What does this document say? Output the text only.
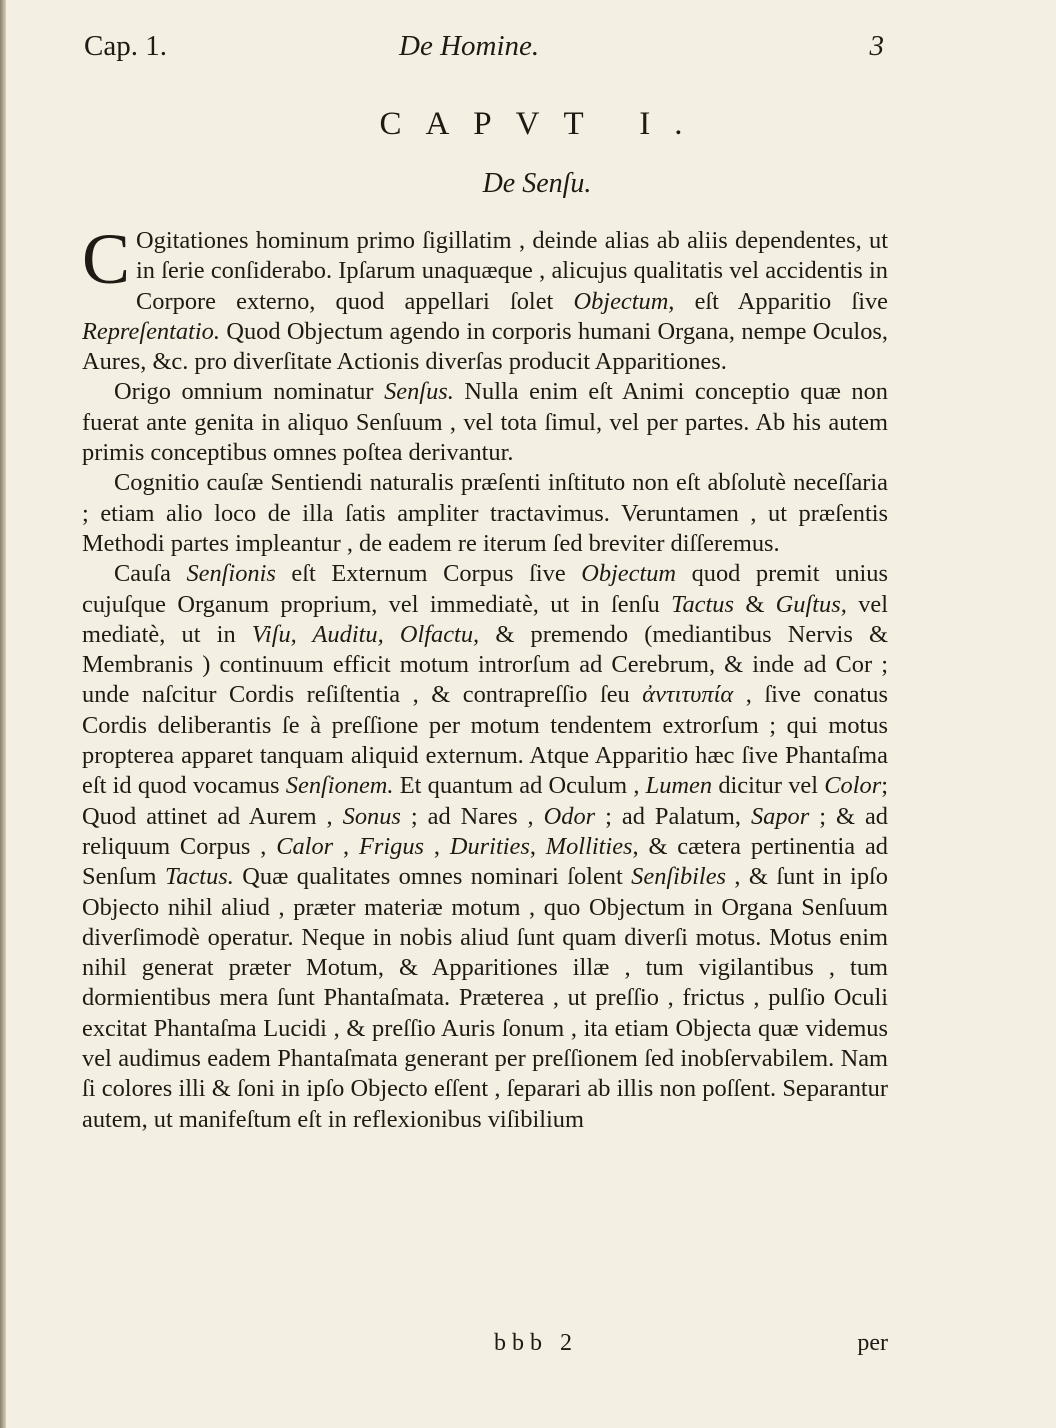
Cap. 1.	De Homine.	3
CAPVT I.
De Senſu.

C Ogitationes hominum primo ſigillatim , deinde alias ab aliis dependentes, ut in ſerie conſiderabo. Ipſarum unaquæque , alicujus qualitatis vel accidentis in Corpore externo, quod appellari ſolet Objectum, eſt Apparitio ſive Repreſentatio. Quod Objectum agendo in corporis humani Organa, nempe Oculos, Aures, &c. pro diverſitate Actionis diverſas producit Apparitiones.

Origo omnium nominatur Senſus. Nulla enim eſt Animi conceptio quæ non fuerat ante genita in aliquo Senſuum , vel tota ſimul, vel per partes. Ab his autem primis conceptibus omnes poſtea derivantur.

Cognitio cauſæ Sentiendi naturalis præſenti inſtituto non eſt abſolutè neceſſaria ; etiam alio loco de illa ſatis ampliter tractavimus. Veruntamen , ut præſentis Methodi partes impleantur , de eadem re iterum ſed breviter diſſeremus.

Cauſa Senſionis eſt Externum Corpus ſive Objectum quod premit unius cujuſque Organum proprium, vel immediatè, ut in ſenſu Tactus & Guſtus, vel mediatè, ut in Viſu, Auditu, Olfactu, & premendo (mediantibus Nervis & Membranis ) continuum efficit motum introrſum ad Cerebrum, & inde ad Cor ; unde naſcitur Cordis reſiſtentia , & contrapreſſio ſeu ἀντιτυπία , ſive conatus Cordis deliberantis ſe à preſſione per motum tendentem extrorſum ; qui motus propterea apparet tanquam aliquid externum. Atque Apparitio hæc ſive Phantaſma eſt id quod vocamus Senſionem. Et quantum ad Oculum , Lumen dicitur vel Color; Quod attinet ad Aurem , Sonus ; ad Nares , Odor ; ad Palatum, Sapor ; & ad reliquum Corpus , Calor , Frigus , Durities, Mollities, & cætera pertinentia ad Senſum Tactus. Quæ qualitates omnes nominari ſolent Senſibiles , & ſunt in ipſo Objecto nihil aliud , præter materiæ motum , quo Objectum in Organa Senſuum diverſimodè operatur. Neque in nobis aliud ſunt quam diverſi motus. Motus enim nihil generat præter Motum, & Apparitiones illæ , tum vigilantibus , tum dormientibus mera ſunt Phantaſmata. Præterea , ut preſſio , frictus , pulſio Oculi excitat Phantaſma Lucidi , & preſſio Auris ſonum , ita etiam Objecta quæ videmus vel audimus eadem Phantaſmata generant per preſſionem ſed inobſervabilem. Nam ſi colores illi & ſoni in ipſo Objecto eſſent , ſeparari ab illis non poſſent. Separantur autem, ut manifeſtum eſt in reflexionibus viſibilium

bbb 2	per
